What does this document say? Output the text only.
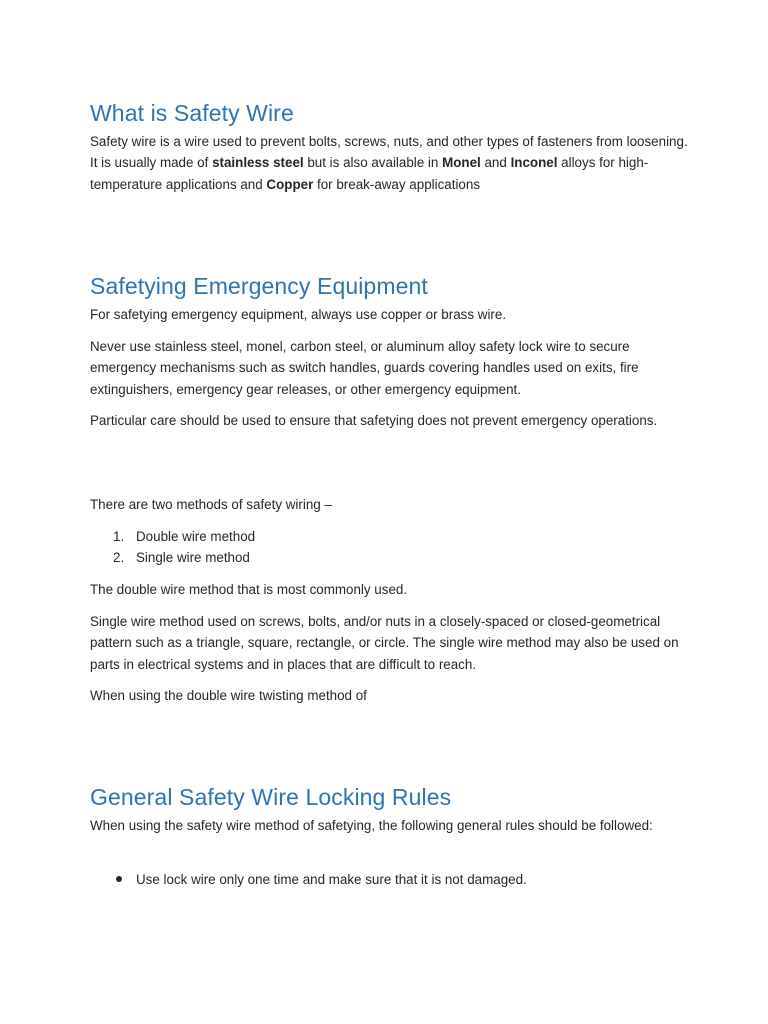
What is Safety Wire

Safety wire is a wire used to prevent bolts, screws, nuts, and other types of fasteners from loosening. It is usually made of stainless steel but is also available in Monel and Inconel alloys for high-temperature applications and Copper for break-away applications

Safetying Emergency Equipment

For safetying emergency equipment, always use copper or brass wire.

Never use stainless steel, monel, carbon steel, or aluminum alloy safety lock wire to secure emergency mechanisms such as switch handles, guards covering handles used on exits, fire extinguishers, emergency gear releases, or other emergency equipment.

Particular care should be used to ensure that safetying does not prevent emergency operations.

There are two methods of safety wiring –

1. Double wire method
2. Single wire method

The double wire method that is most commonly used.

Single wire method used on screws, bolts, and/or nuts in a closely-spaced or closed-geometrical pattern such as a triangle, square, rectangle, or circle. The single wire method may also be used on parts in electrical systems and in places that are difficult to reach.

When using the double wire twisting method of

General Safety Wire Locking Rules

When using the safety wire method of safetying, the following general rules should be followed:

Use lock wire only one time and make sure that it is not damaged.
